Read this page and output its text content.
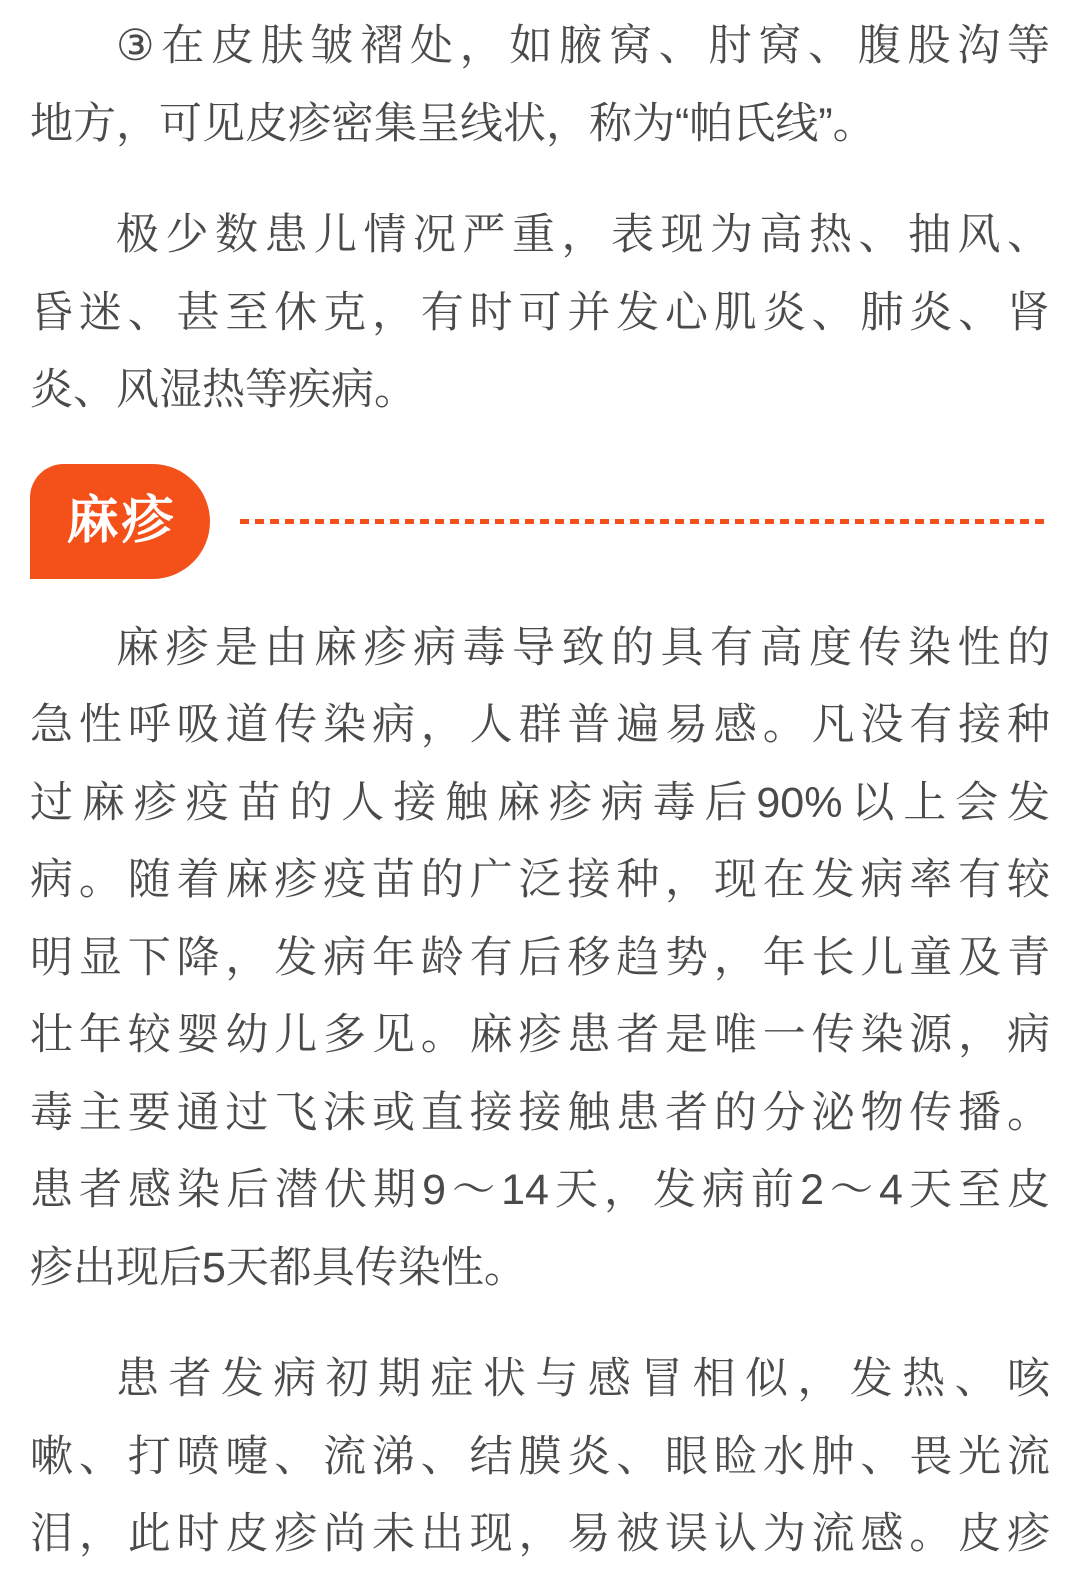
③在皮肤皱褶处，如腋窝、肘窝、腹股沟等
地方，可见皮疹密集呈线状，称为“帕氏线”。
极少数患儿情况严重，表现为高热、抽风、
昏迷、甚至休克，有时可并发心肌炎、肺炎、肾
炎、风湿热等疾病。
麻疹
麻疹是由麻疹病毒导致的具有高度传染性的
急性呼吸道传染病，人群普遍易感。凡没有接种
过麻疹疫苗的人接触麻疹病毒后90%以上会发
病。随着麻疹疫苗的广泛接种，现在发病率有较
明显下降，发病年龄有后移趋势，年长儿童及青
壮年较婴幼儿多见。麻疹患者是唯一传染源，病
毒主要通过飞沫或直接接触患者的分泌物传播。
患者感染后潜伏期9～14天，发病前2～4天至皮
疹出现后5天都具传染性。
患者发病初期症状与感冒相似，发热、咳
嗽、打喷嚏、流涕、结膜炎、眼睑水肿、畏光流
泪，此时皮疹尚未出现，易被误认为流感。皮疹
